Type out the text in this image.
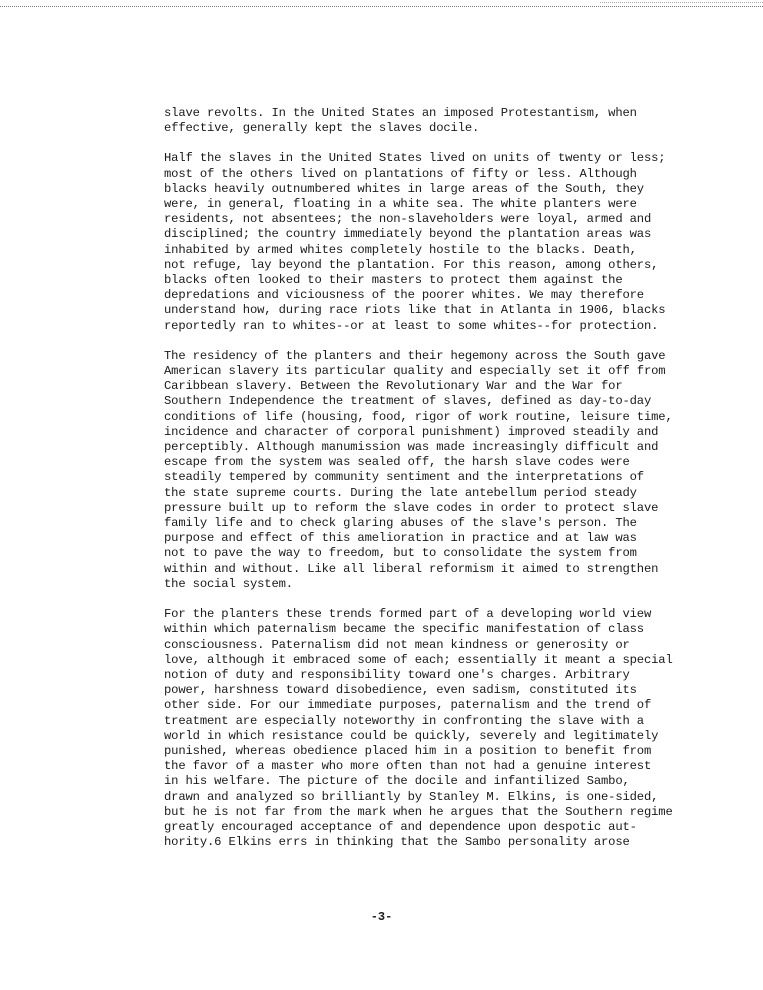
slave revolts. In the United States an imposed Protestantism, when
effective, generally kept the slaves docile.

Half the slaves in the United States lived on units of twenty or less;
most of the others lived on plantations of fifty or less. Although
blacks heavily outnumbered whites in large areas of the South, they
were, in general, floating in a white sea. The white planters were
residents, not absentees; the non-slaveholders were loyal, armed and
disciplined; the country immediately beyond the plantation areas was
inhabited by armed whites completely hostile to the blacks. Death,
not refuge, lay beyond the plantation. For this reason, among others,
blacks often looked to their masters to protect them against the
depredations and viciousness of the poorer whites. We may therefore
understand how, during race riots like that in Atlanta in 1906, blacks
reportedly ran to whites--or at least to some whites--for protection.

The residency of the planters and their hegemony across the South gave
American slavery its particular quality and especially set it off from
Caribbean slavery. Between the Revolutionary War and the War for
Southern Independence the treatment of slaves, defined as day-to-day
conditions of life (housing, food, rigor of work routine, leisure time,
incidence and character of corporal punishment) improved steadily and
perceptibly. Although manumission was made increasingly difficult and
escape from the system was sealed off, the harsh slave codes were
steadily tempered by community sentiment and the interpretations of
the state supreme courts. During the late antebellum period steady
pressure built up to reform the slave codes in order to protect slave
family life and to check glaring abuses of the slave's person. The
purpose and effect of this amelioration in practice and at law was
not to pave the way to freedom, but to consolidate the system from
within and without. Like all liberal reformism it aimed to strengthen
the social system.

For the planters these trends formed part of a developing world view
within which paternalism became the specific manifestation of class
consciousness. Paternalism did not mean kindness or generosity or
love, although it embraced some of each; essentially it meant a special
notion of duty and responsibility toward one's charges. Arbitrary
power, harshness toward disobedience, even sadism, constituted its
other side. For our immediate purposes, paternalism and the trend of
treatment are especially noteworthy in confronting the slave with a
world in which resistance could be quickly, severely and legitimately
punished, whereas obedience placed him in a position to benefit from
the favor of a master who more often than not had a genuine interest
in his welfare. The picture of the docile and infantilized Sambo,
drawn and analyzed so brilliantly by Stanley M. Elkins, is one-sided,
but he is not far from the mark when he argues that the Southern regime
greatly encouraged acceptance of and dependence upon despotic aut-
hority.6 Elkins errs in thinking that the Sambo personality arose

-3-
